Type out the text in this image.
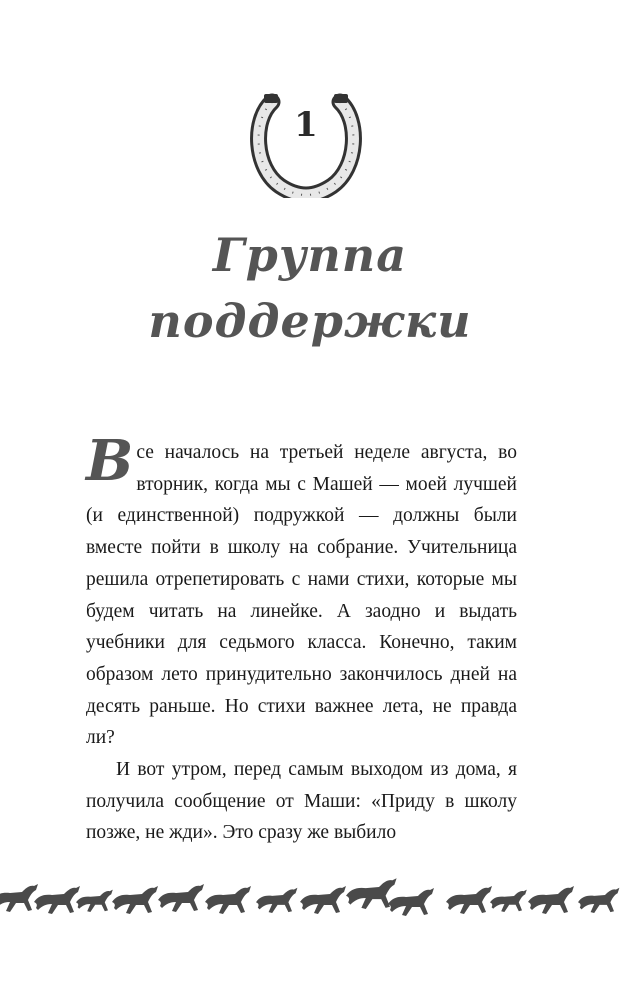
1
Группа
поддержки

Все началось на третьей неделе августа, во вторник, когда мы с Машей — моей лучшей (и единственной) подружкой — должны были вместе пойти в школу на собрание. Учительница решила отрепетировать с нами стихи, которые мы будем читать на линейке. А заодно и выдать учебники для седьмого класса. Конечно, таким образом лето принудительно закончилось дней на десять раньше. Но стихи важнее лета, не правда ли?

И вот утром, перед самым выходом из дома, я получила сообщение от Маши: «Приду в школу позже, не жди». Это сразу же выбило
